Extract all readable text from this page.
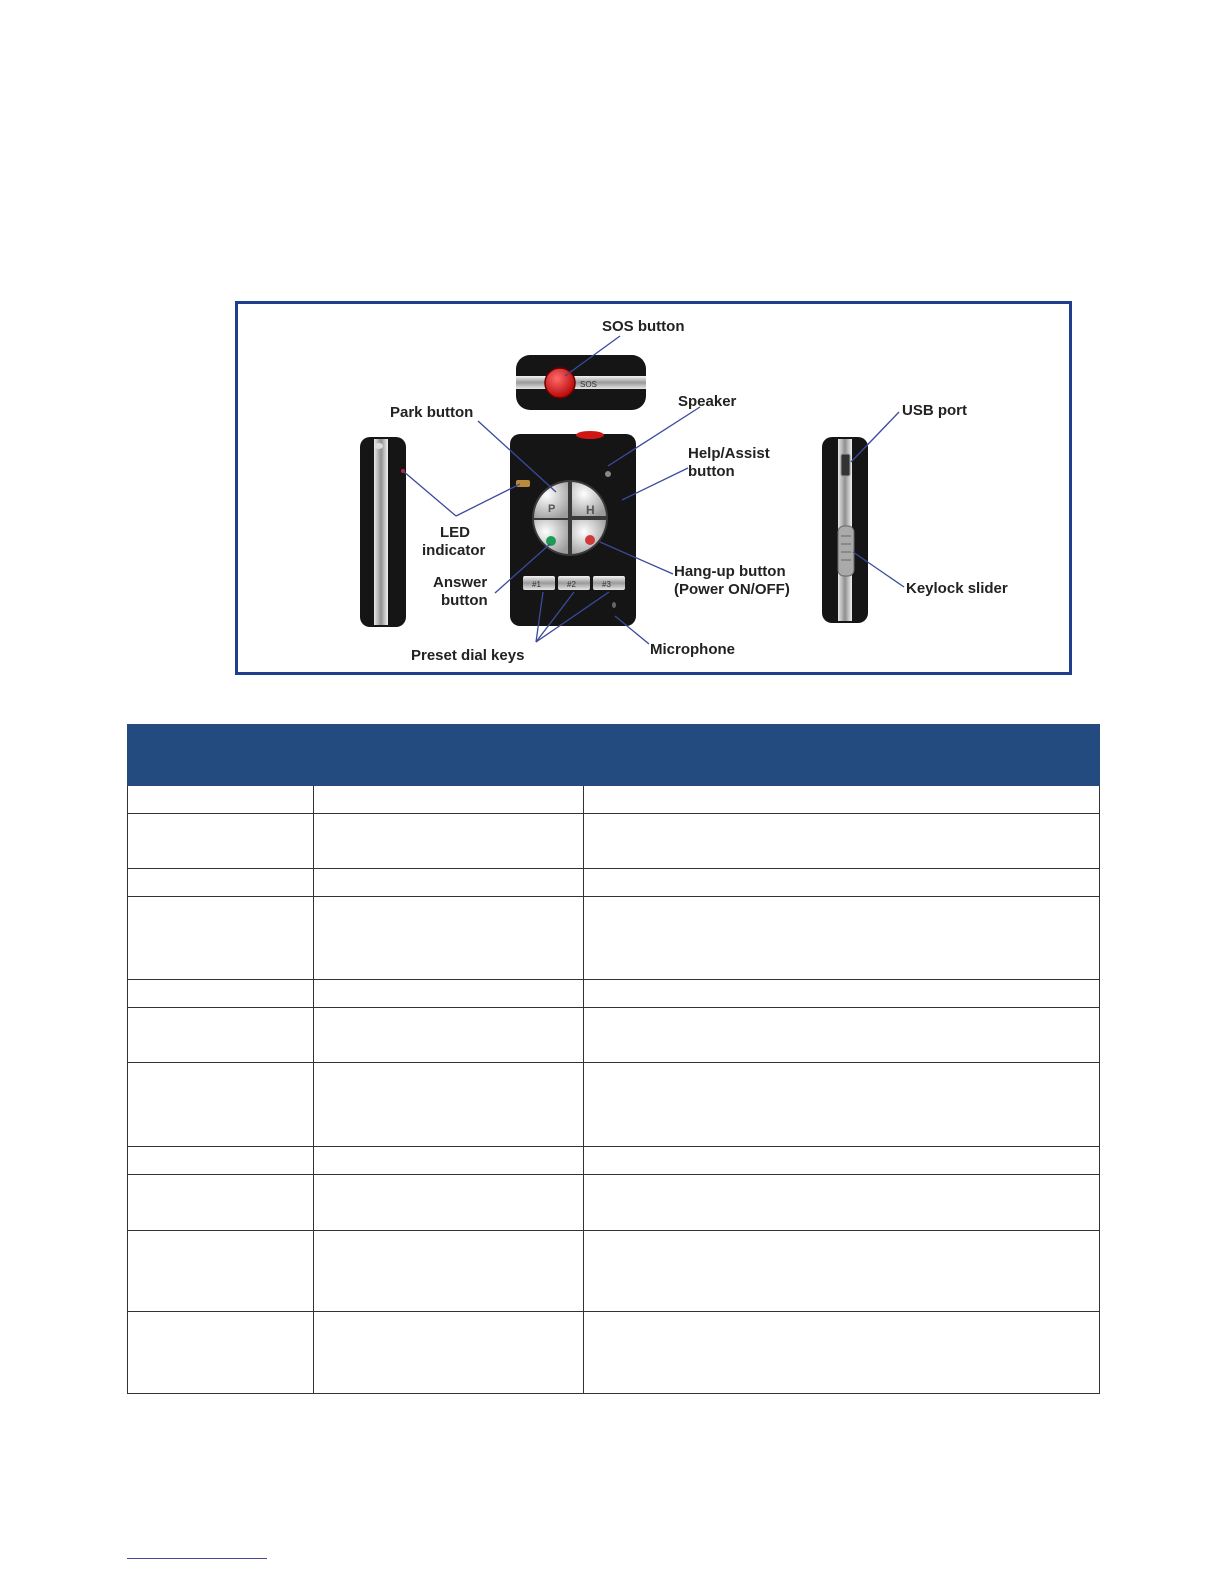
SOS
P	H
#1	#2	#3
SOS button
Speaker
Park button
Help/Assist
button
LED
indicator
Answer
button
Hang-up button
(Power ON/OFF)
Preset dial keys	Microphone
USB port
Keylock slider
